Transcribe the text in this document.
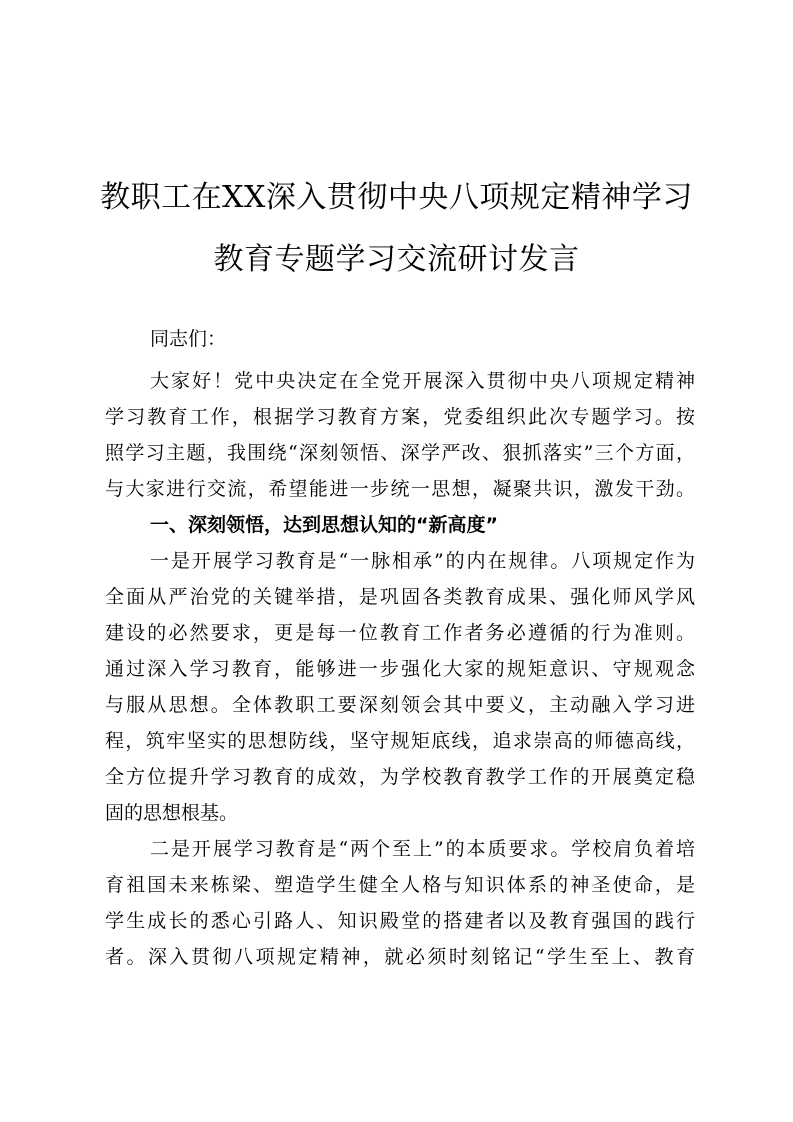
教职工在XX深入贯彻中央八项规定精神学习
教育专题学习交流研讨发言
同志们：
大家好！党中央决定在全党开展深入贯彻中央八项规定精神
学习教育工作，根据学习教育方案，党委组织此次专题学习。按
照学习主题，我围绕“深刻领悟、深学严改、狠抓落实”三个方面，
与大家进行交流，希望能进一步统一思想，凝聚共识，激发干劲。
一、深刻领悟，达到思想认知的“新高度”
一是开展学习教育是“一脉相承”的内在规律。八项规定作为
全面从严治党的关键举措，是巩固各类教育成果、强化师风学风
建设的必然要求，更是每一位教育工作者务必遵循的行为准则。
通过深入学习教育，能够进一步强化大家的规矩意识、守规观念
与服从思想。全体教职工要深刻领会其中要义，主动融入学习进
程，筑牢坚实的思想防线，坚守规矩底线，追求崇高的师德高线，
全方位提升学习教育的成效，为学校教育教学工作的开展奠定稳
固的思想根基。
二是开展学习教育是“两个至上”的本质要求。学校肩负着培
育祖国未来栋梁、塑造学生健全人格与知识体系的神圣使命，是
学生成长的悉心引路人、知识殿堂的搭建者以及教育强国的践行
者。深入贯彻八项规定精神，就必须时刻铭记“学生至上、教育
